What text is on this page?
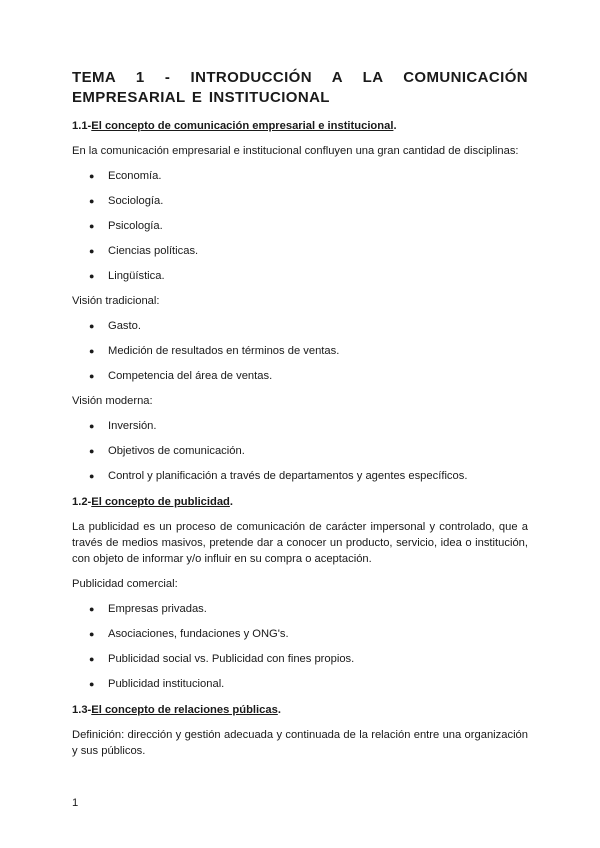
TEMA 1 - INTRODUCCIÓN A LA COMUNICACIÓN EMPRESARIAL E INSTITUCIONAL
1.1-El concepto de comunicación empresarial e institucional.

En la comunicación empresarial e institucional confluyen una gran cantidad de disciplinas:

● Economía.
● Sociología.
● Psicología.
● Ciencias políticas.
● Lingüística.

Visión tradicional:

● Gasto.
● Medición de resultados en términos de ventas.
● Competencia del área de ventas.

Visión moderna:

● Inversión.
● Objetivos de comunicación.
● Control y planificación a través de departamentos y agentes específicos.
1.2-El concepto de publicidad.

La publicidad es un proceso de comunicación de carácter impersonal y controlado, que a través de medios masivos, pretende dar a conocer un producto, servicio, idea o institución, con objeto de informar y/o influir en su compra o aceptación.

Publicidad comercial:

● Empresas privadas.
● Asociaciones, fundaciones y ONG's.
● Publicidad social vs. Publicidad con fines propios.
● Publicidad institucional.
1.3-El concepto de relaciones públicas.

Definición: dirección y gestión adecuada y continuada de la relación entre una organización y sus públicos.

1
